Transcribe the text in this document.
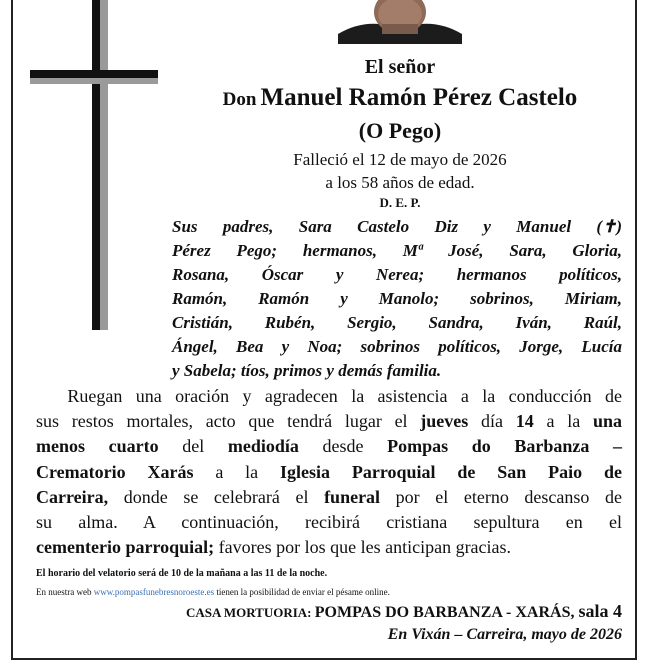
El señor
Don Manuel Ramón Pérez Castelo
(O Pego)
Falleció el 12 de mayo de 2026
a los 58 años de edad.
D. E. P.
Sus padres, Sara Castelo Diz y Manuel (✝)
Pérez Pego; hermanos, Mª José, Sara, Gloria,
Rosana, Óscar y Nerea; hermanos políticos,
Ramón, Ramón y Manolo; sobrinos, Miriam,
Cristián, Rubén, Sergio, Sandra, Iván, Raúl,
Ángel, Bea y Noa; sobrinos políticos, Jorge, Lucía
y Sabela; tíos, primos y demás familia.
  Ruegan una oración y agradecen la asistencia a la conducción de
sus restos mortales, acto que tendrá lugar el jueves día 14 a la una
menos cuarto del mediodía desde Pompas do Barbanza –
Crematorio Xarás a la Iglesia Parroquial de San Paio de
Carreira, donde se celebrará el funeral por el eterno descanso de
su alma. A continuación, recibirá cristiana sepultura en el
cementerio parroquial; favores por los que les anticipan gracias.
El horario del velatorio será de 10 de la mañana a las 11 de la noche.
En nuestra web www.pompasfunebresnoroeste.es tienen la posibilidad de enviar el pésame online.
CASA MORTUORIA: POMPAS DO BARBANZA - XARÁS, sala 4
En Vixán – Carreira, mayo de 2026
